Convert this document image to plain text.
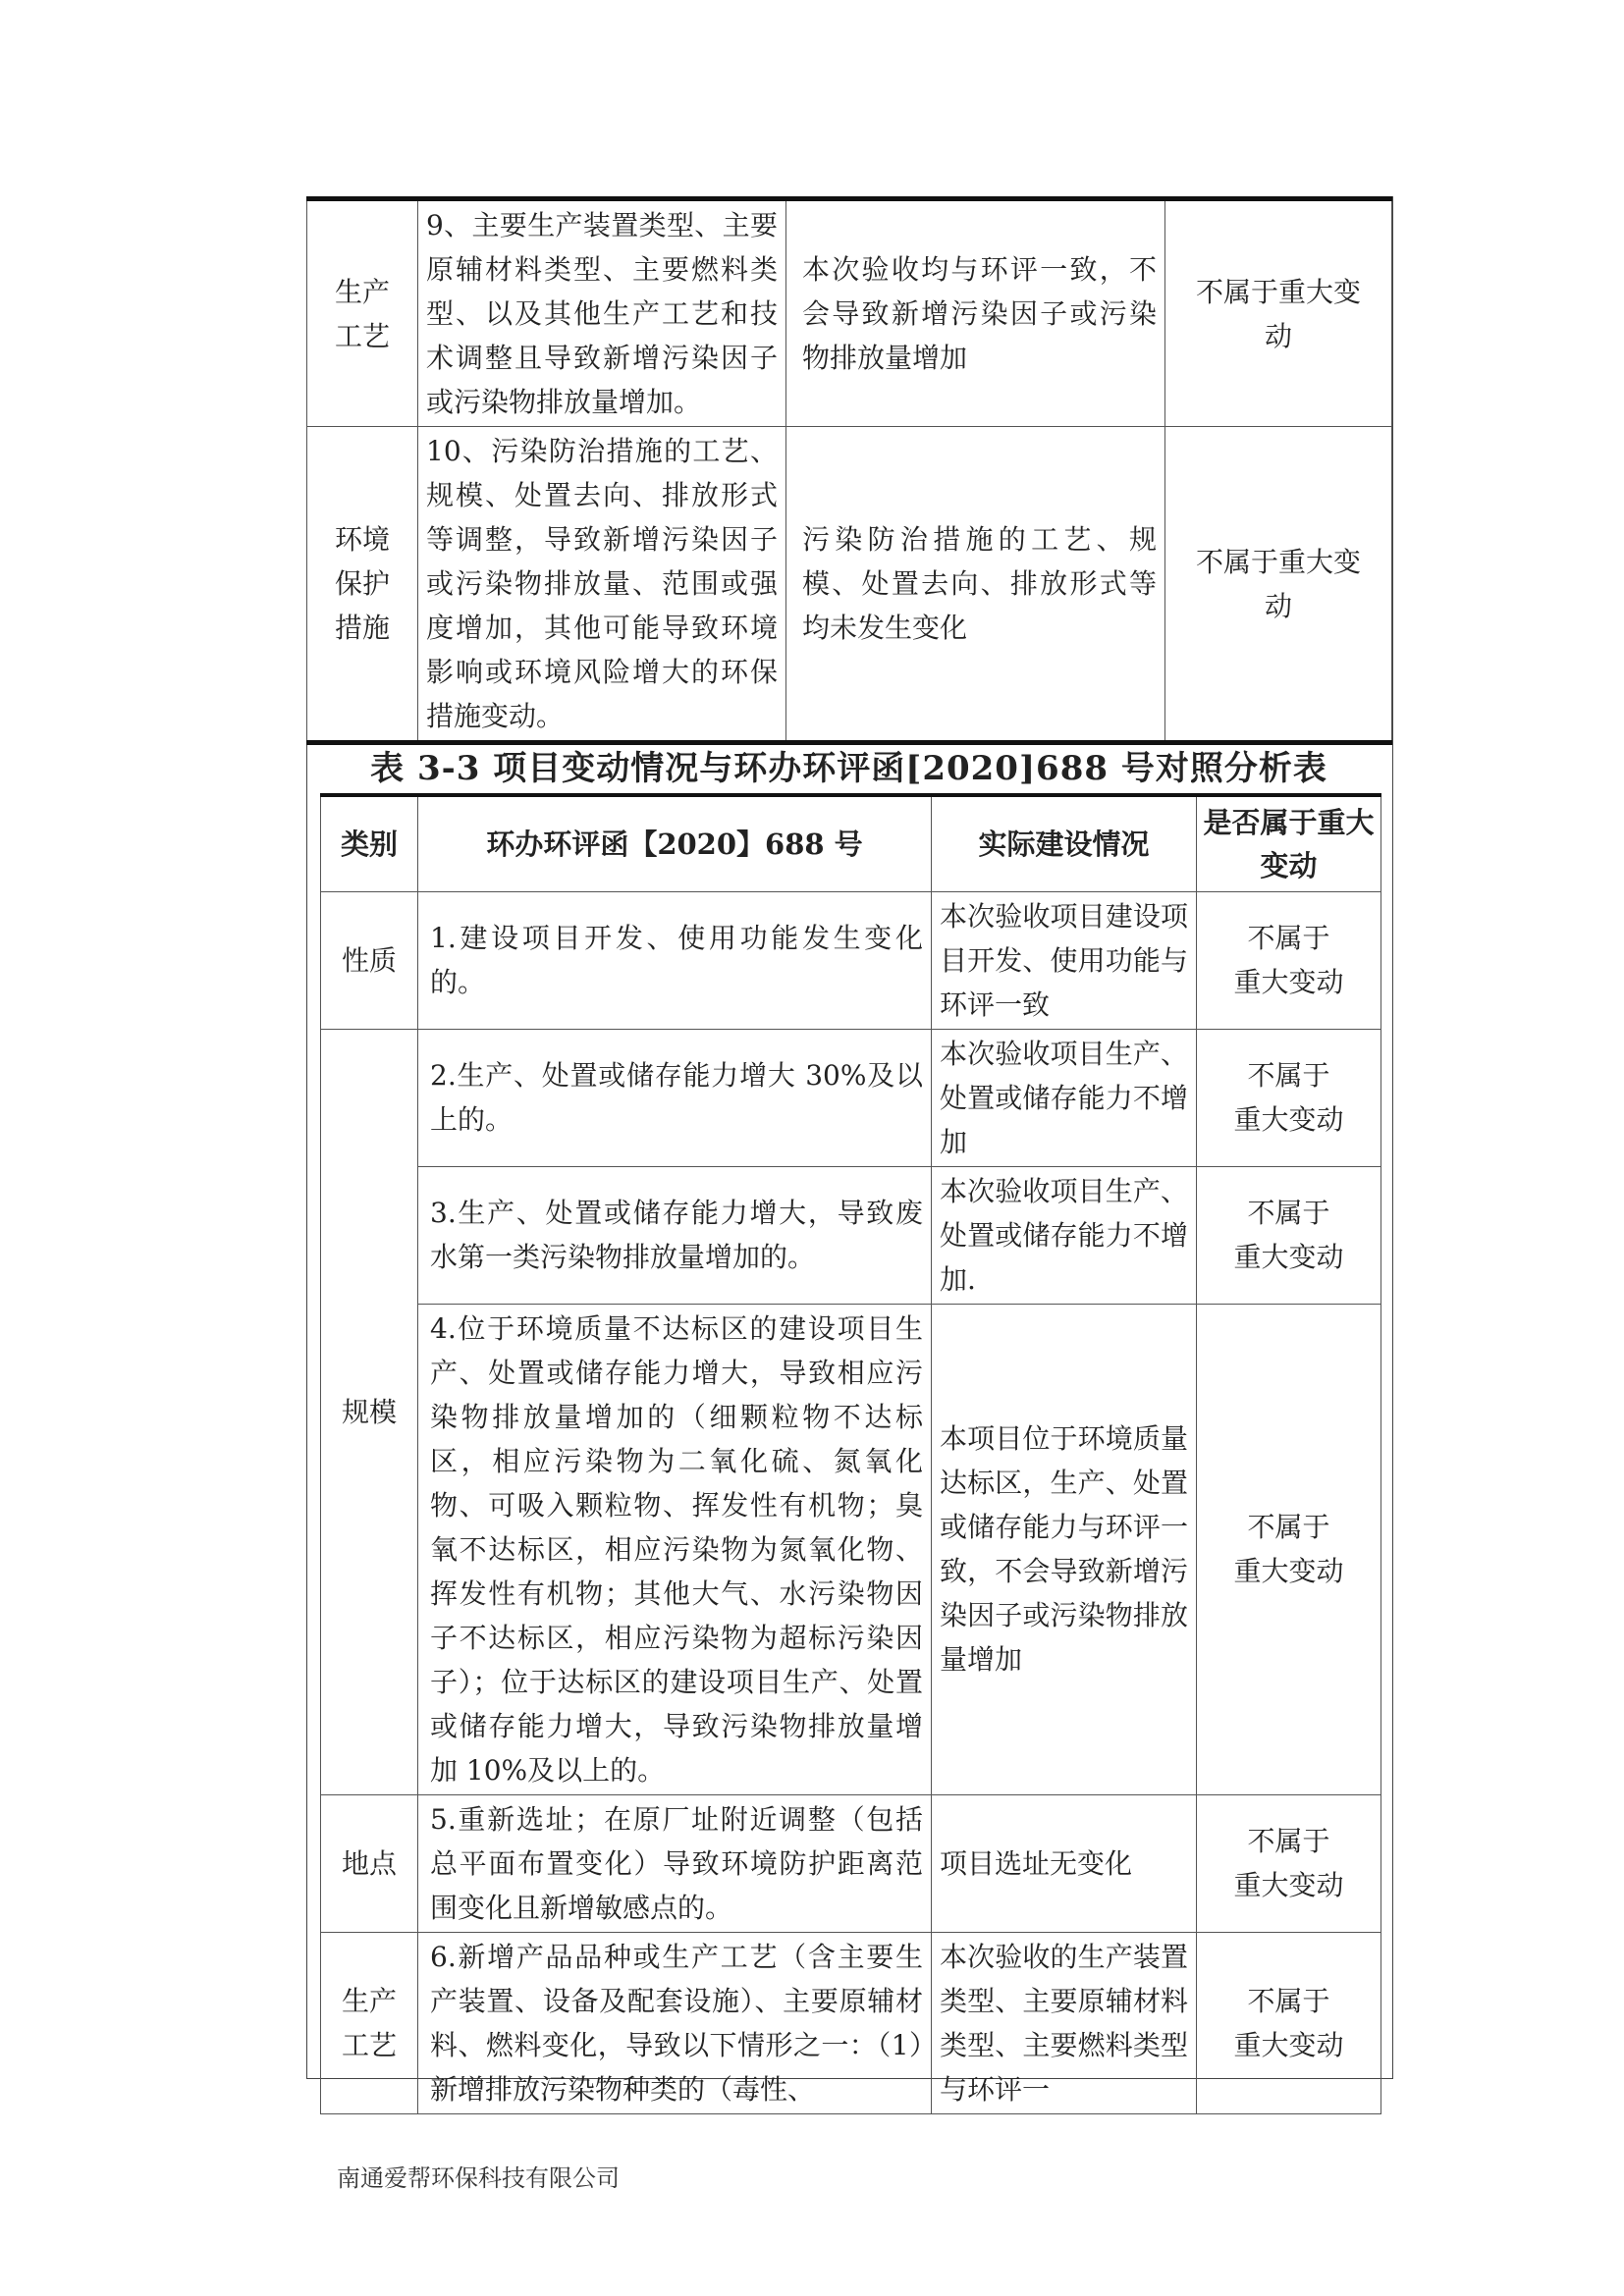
生产
工艺	9、主要生产装置类型、主要原辅材料类型、主要燃料类型、以及其他生产工艺和技术调整且导致新增污染因子或污染物排放量增加。	本次验收均与环评一致，不会导致新增污染因子或污染物排放量增加	不属于重大变
动
环境
保护
措施	10、污染防治措施的工艺、规模、处置去向、排放形式等调整，导致新增污染因子或污染物排放量、范围或强度增加，其他可能导致环境影响或环境风险增大的环保措施变动。	污染防治措施的工艺、规模、处置去向、排放形式等均未发生变化	不属于重大变
动
表 3-3 项目变动情况与环办环评函[2020]688 号对照分析表
类别	环办环评函【2020】688 号	实际建设情况	是否属于重大
变动
性质	1.建设项目开发、使用功能发生变化的。	本次验收项目建设项目开发、使用功能与环评一致	不属于
重大变动
规模	2.生产、处置或储存能力增大 30%及以上的。	本次验收项目生产、处置或储存能力不增加	不属于
重大变动
	3.生产、处置或储存能力增大，导致废水第一类污染物排放量增加的。	本次验收项目生产、处置或储存能力不增加.	不属于
重大变动
	4.位于环境质量不达标区的建设项目生产、处置或储存能力增大，导致相应污染物排放量增加的（细颗粒物不达标区，相应污染物为二氧化硫、氮氧化物、可吸入颗粒物、挥发性有机物；臭氧不达标区，相应污染物为氮氧化物、挥发性有机物；其他大气、水污染物因子不达标区，相应污染物为超标污染因子）；位于达标区的建设项目生产、处置或储存能力增大，导致污染物排放量增加 10%及以上的。	本项目位于环境质量达标区，生产、处置或储存能力与环评一致，不会导致新增污染因子或污染物排放量增加	不属于
重大变动
地点	5.重新选址；在原厂址附近调整（包括总平面布置变化）导致环境防护距离范围变化且新增敏感点的。	项目选址无变化	不属于
重大变动
生产
工艺	6.新增产品品种或生产工艺（含主要生产装置、设备及配套设施）、主要原辅材料、燃料变化，导致以下情形之一：（1）新增排放污染物种类的（毒性、	本次验收的生产装置类型、主要原辅材料类型、主要燃料类型与环评一	不属于
重大变动
南通爱帮环保科技有限公司
